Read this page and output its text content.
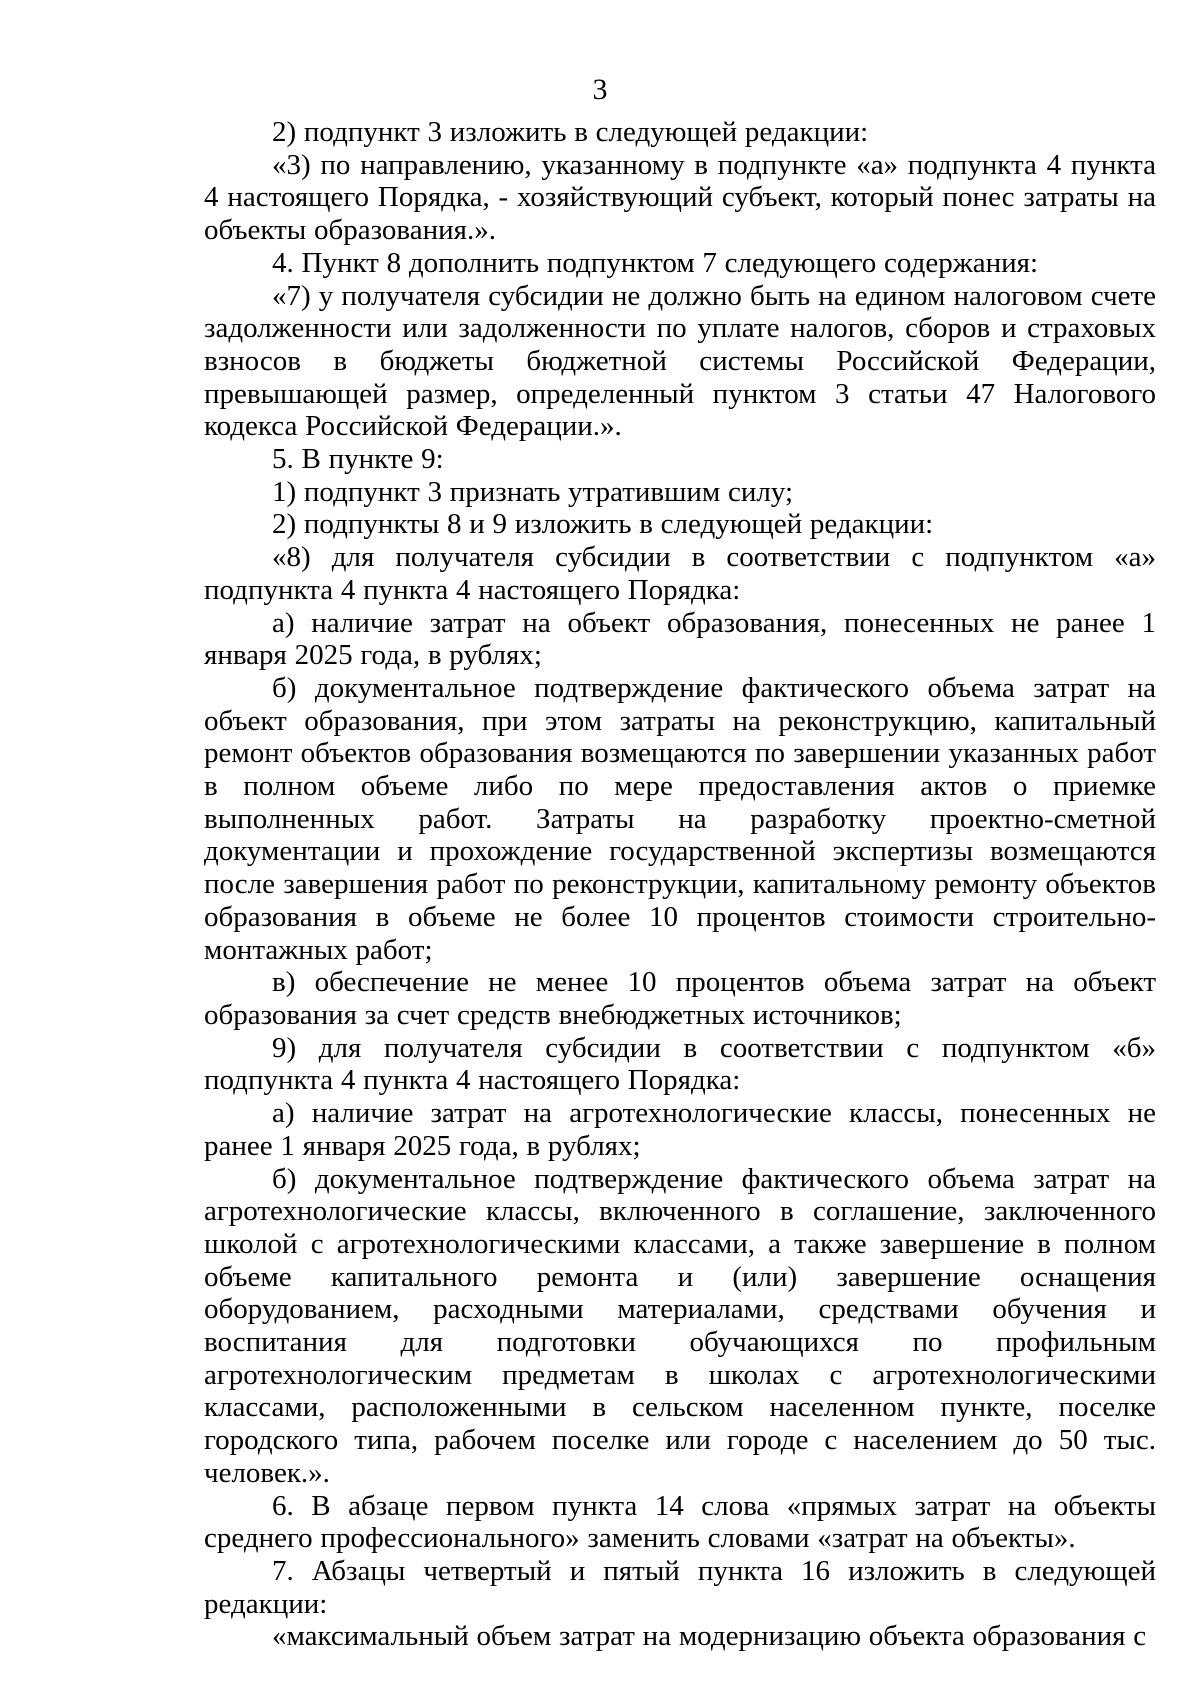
3

2) подпункт 3 изложить в следующей редакции:

«3) по направлению, указанному в подпункте «а» подпункта 4 пункта 4 настоящего Порядка, - хозяйствующий субъект, который понес затраты на объекты образования.».

4. Пункт 8 дополнить подпунктом 7 следующего содержания:

«7) у получателя субсидии не должно быть на едином налоговом счете задолженности или задолженности по уплате налогов, сборов и страховых взносов в бюджеты бюджетной системы Российской Федерации, превышающей размер, определенный пунктом 3 статьи 47 Налогового кодекса Российской Федерации.».

5. В пункте 9:

1) подпункт 3 признать утратившим силу;

2) подпункты 8 и 9 изложить в следующей редакции:

«8) для получателя субсидии в соответствии с подпунктом «а» подпункта 4 пункта 4 настоящего Порядка:

а) наличие затрат на объект образования, понесенных не ранее 1 января 2025 года, в рублях;

б) документальное подтверждение фактического объема затрат на объект образования, при этом затраты на реконструкцию, капитальный ремонт объектов образования возмещаются по завершении указанных работ в полном объеме либо по мере предоставления актов о приемке выполненных работ. Затраты на разработку проектно-сметной документации и прохождение государственной экспертизы возмещаются после завершения работ по реконструкции, капитальному ремонту объектов образования в объеме не более 10 процентов стоимости строительно-монтажных работ;

в) обеспечение не менее 10 процентов объема затрат на объект образования за счет средств внебюджетных источников;

9) для получателя субсидии в соответствии с подпунктом «б» подпункта 4 пункта 4 настоящего Порядка:

а) наличие затрат на агротехнологические классы, понесенных не ранее 1 января 2025 года, в рублях;

б) документальное подтверждение фактического объема затрат на агротехнологические классы, включенного в соглашение, заключенного школой с агротехнологическими классами, а также завершение в полном объеме капитального ремонта и (или) завершение оснащения оборудованием, расходными материалами, средствами обучения и воспитания для подготовки обучающихся по профильным агротехнологическим предметам в школах с агротехнологическими классами, расположенными в сельском населенном пункте, поселке городского типа, рабочем поселке или городе с населением до 50 тыс. человек.».

6. В абзаце первом пункта 14 слова «прямых затрат на объекты среднего профессионального» заменить словами «затрат на объекты».

7. Абзацы четвертый и пятый пункта 16 изложить в следующей редакции:

«максимальный объем затрат на модернизацию объекта образования с
